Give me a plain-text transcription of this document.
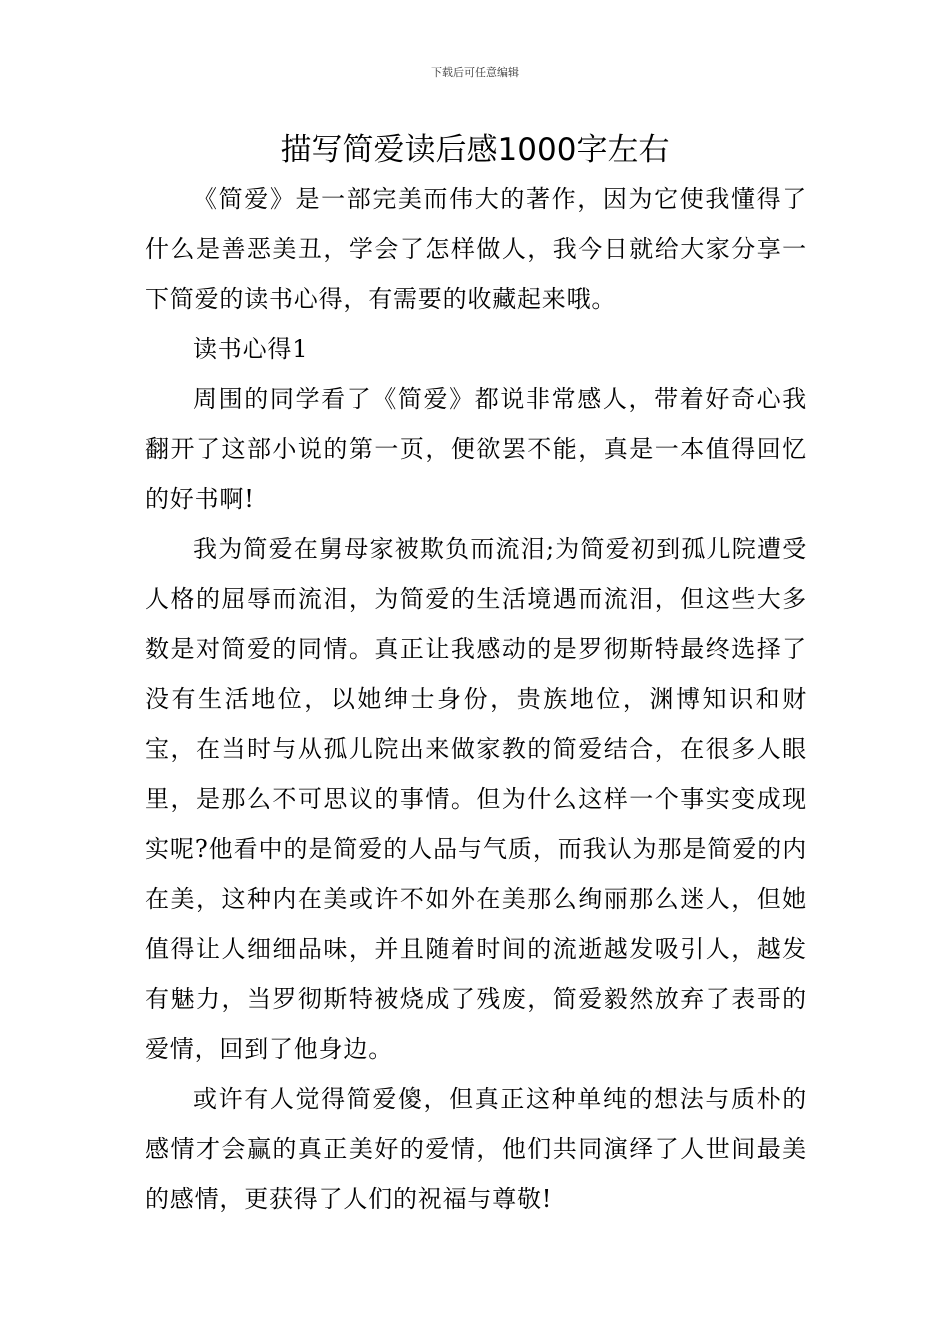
下载后可任意编辑
描写简爱读后感1000字左右

《简爱》是一部完美而伟大的著作，因为它使我懂得了什么是善恶美丑，学会了怎样做人，我今日就给大家分享一下简爱的读书心得，有需要的收藏起来哦。

读书心得1

周围的同学看了《简爱》都说非常感人，带着好奇心我翻开了这部小说的第一页，便欲罢不能，真是一本值得回忆的好书啊!

我为简爱在舅母家被欺负而流泪;为简爱初到孤儿院遭受人格的屈辱而流泪，为简爱的生活境遇而流泪，但这些大多数是对简爱的同情。真正让我感动的是罗彻斯特最终选择了没有生活地位，以她绅士身份，贵族地位，渊博知识和财宝，在当时与从孤儿院出来做家教的简爱结合，在很多人眼里，是那么不可思议的事情。但为什么这样一个事实变成现实呢?他看中的是简爱的人品与气质，而我认为那是简爱的内在美，这种内在美或许不如外在美那么绚丽那么迷人，但她值得让人细细品味，并且随着时间的流逝越发吸引人，越发有魅力，当罗彻斯特被烧成了残废，简爱毅然放弃了表哥的爱情，回到了他身边。

或许有人觉得简爱傻，但真正这种单纯的想法与质朴的感情才会赢的真正美好的爱情，他们共同演绎了人世间最美的感情，更获得了人们的祝福与尊敬!
